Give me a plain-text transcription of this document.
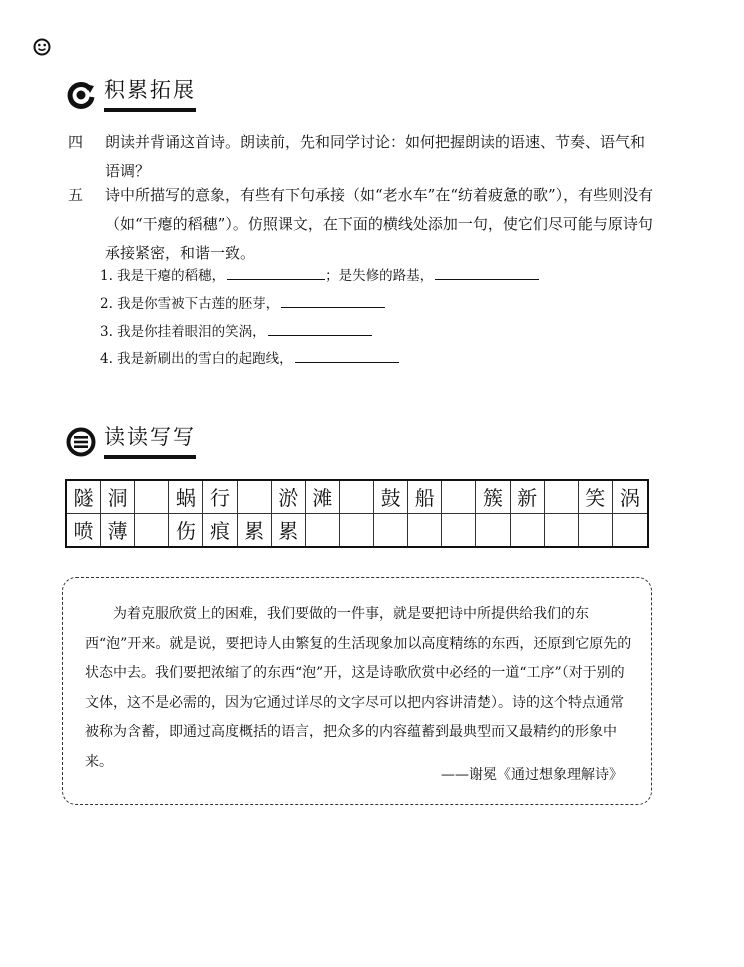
积累拓展
四 朗读并背诵这首诗。朗读前，先和同学讨论：如何把握朗读的语速、节奏、语气和语调？
五 诗中所描写的意象，有些有下句承接（如“老水车”在“纺着疲惫的歌”），有些则没有（如“干瘪的稻穗”）。仿照课文，在下面的横线处添加一句，使它们尽可能与原诗句承接紧密，和谐一致。
1. 我是干瘪的稻穗，	；是失修的路基，
2. 我是你雪被下古莲的胚芽，
3. 我是你挂着眼泪的笑涡，
4. 我是新刷出的雪白的起跑线，
读读写写
隧 洞	蜗 行	淤 滩	鼓 船	簇 新	笑 涡
喷 薄	伤 痕 累 累
为着克服欣赏上的困难，我们要做的一件事，就是要把诗中所提供给我们的东西“泡”开来。就是说，要把诗人由繁复的生活现象加以高度精练的东西，还原到它原先的状态中去。我们要把浓缩了的东西“泡”开，这是诗歌欣赏中必经的一道“工序”（对于别的文体，这不是必需的，因为它通过详尽的文字尽可以把内容讲清楚）。诗的这个特点通常被称为含蓄，即通过高度概括的语言，把众多的内容蕴蓄到最典型而又最精约的形象中来。
——谢冕《通过想象理解诗》
